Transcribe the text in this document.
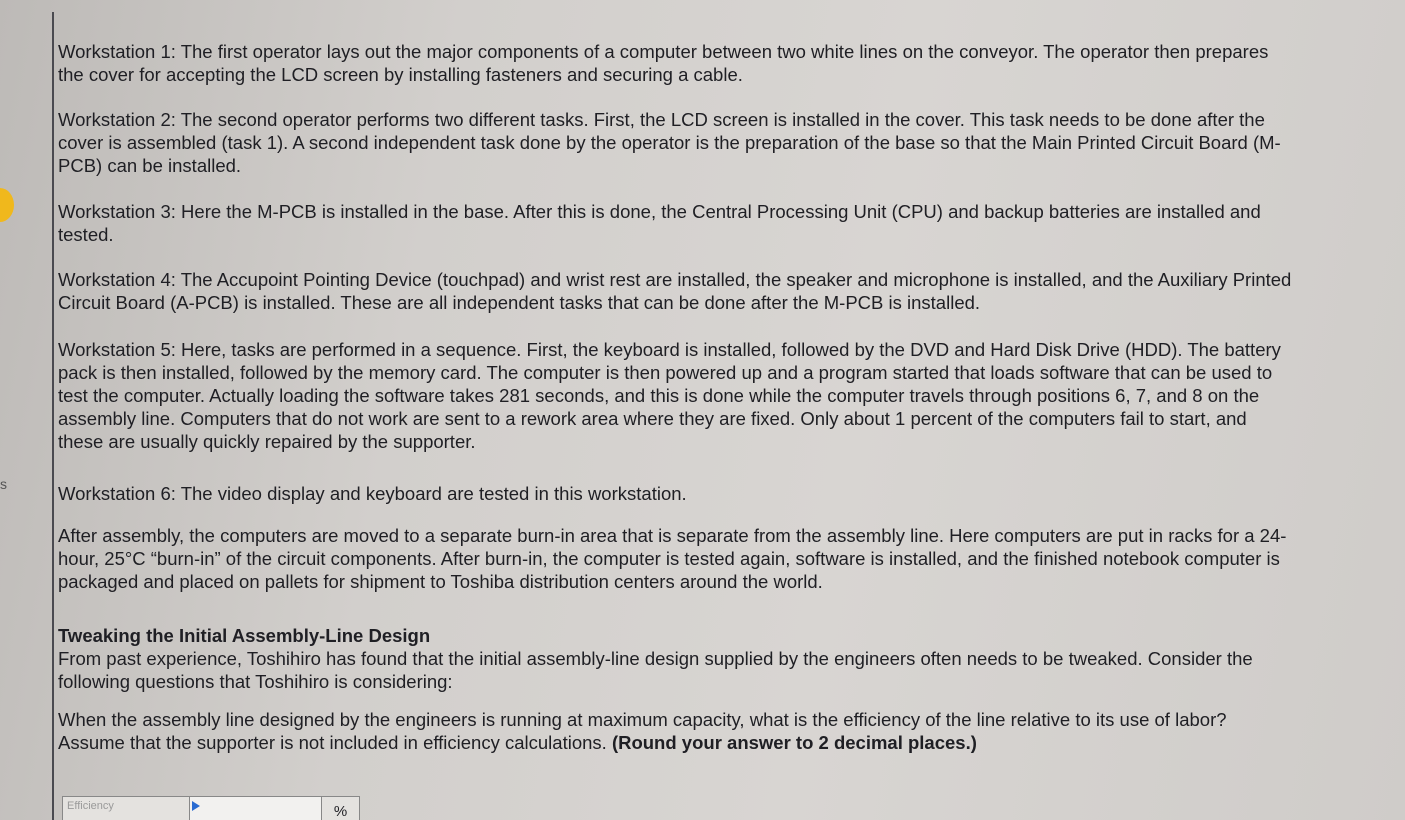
s

Workstation 1: The first operator lays out the major components of a computer between two white lines on the conveyor. The operator then prepares the cover for accepting the LCD screen by installing fasteners and securing a cable.

Workstation 2: The second operator performs two different tasks. First, the LCD screen is installed in the cover. This task needs to be done after the cover is assembled (task 1). A second independent task done by the operator is the preparation of the base so that the Main Printed Circuit Board (M-PCB) can be installed.

Workstation 3: Here the M-PCB is installed in the base. After this is done, the Central Processing Unit (CPU) and backup batteries are installed and tested.

Workstation 4: The Accupoint Pointing Device (touchpad) and wrist rest are installed, the speaker and microphone is installed, and the Auxiliary Printed Circuit Board (A-PCB) is installed. These are all independent tasks that can be done after the M-PCB is installed.

Workstation 5: Here, tasks are performed in a sequence. First, the keyboard is installed, followed by the DVD and Hard Disk Drive (HDD). The battery pack is then installed, followed by the memory card. The computer is then powered up and a program started that loads software that can be used to test the computer. Actually loading the software takes 281 seconds, and this is done while the computer travels through positions 6, 7, and 8 on the assembly line. Computers that do not work are sent to a rework area where they are fixed. Only about 1 percent of the computers fail to start, and these are usually quickly repaired by the supporter.

Workstation 6: The video display and keyboard are tested in this workstation.

After assembly, the computers are moved to a separate burn-in area that is separate from the assembly line. Here computers are put in racks for a 24-hour, 25°C “burn-in” of the circuit components. After burn-in, the computer is tested again, software is installed, and the finished notebook computer is packaged and placed on pallets for shipment to Toshiba distribution centers around the world.

Tweaking the Initial Assembly-Line Design
From past experience, Toshihiro has found that the initial assembly-line design supplied by the engineers often needs to be tweaked. Consider the following questions that Toshihiro is considering:

When the assembly line designed by the engineers is running at maximum capacity, what is the efficiency of the line relative to its use of labor? Assume that the supporter is not included in efficiency calculations. (Round your answer to 2 decimal places.)

Efficiency	%
